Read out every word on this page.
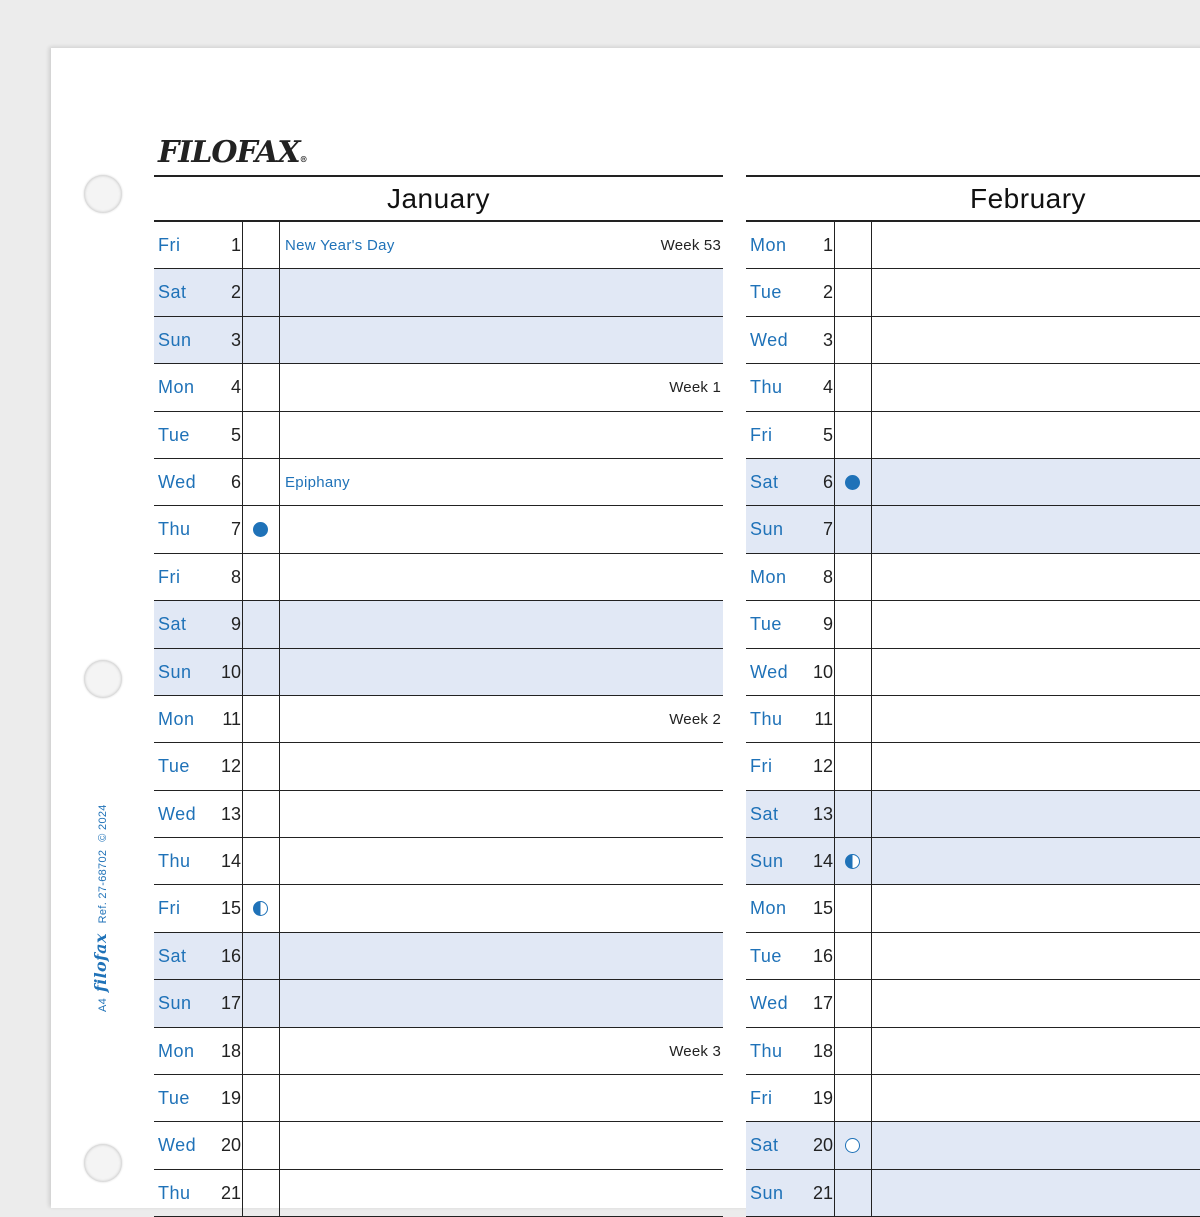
FILOFAX®
A4filofaxRef. 27-68702© 2024
January
Fri	1	New Year's Day	Week 53
Sat	2
Sun	3
Mon	4	Week 1
Tue	5
Wed	6	Epiphany
Thu	7
Fri	8
Sat	9
Sun	10
Mon	11	Week 2
Tue	12
Wed	13
Thu	14
Fri	15
Sat	16
Sun	17
Mon	18	Week 3
Tue	19
Wed	20
Thu	21
February
Mon	1
Tue	2
Wed	3
Thu	4
Fri	5
Sat	6
Sun	7
Mon	8
Tue	9
Wed	10
Thu	11
Fri	12
Sat	13
Sun	14
Mon	15
Tue	16
Wed	17
Thu	18
Fri	19
Sat	20
Sun	21
